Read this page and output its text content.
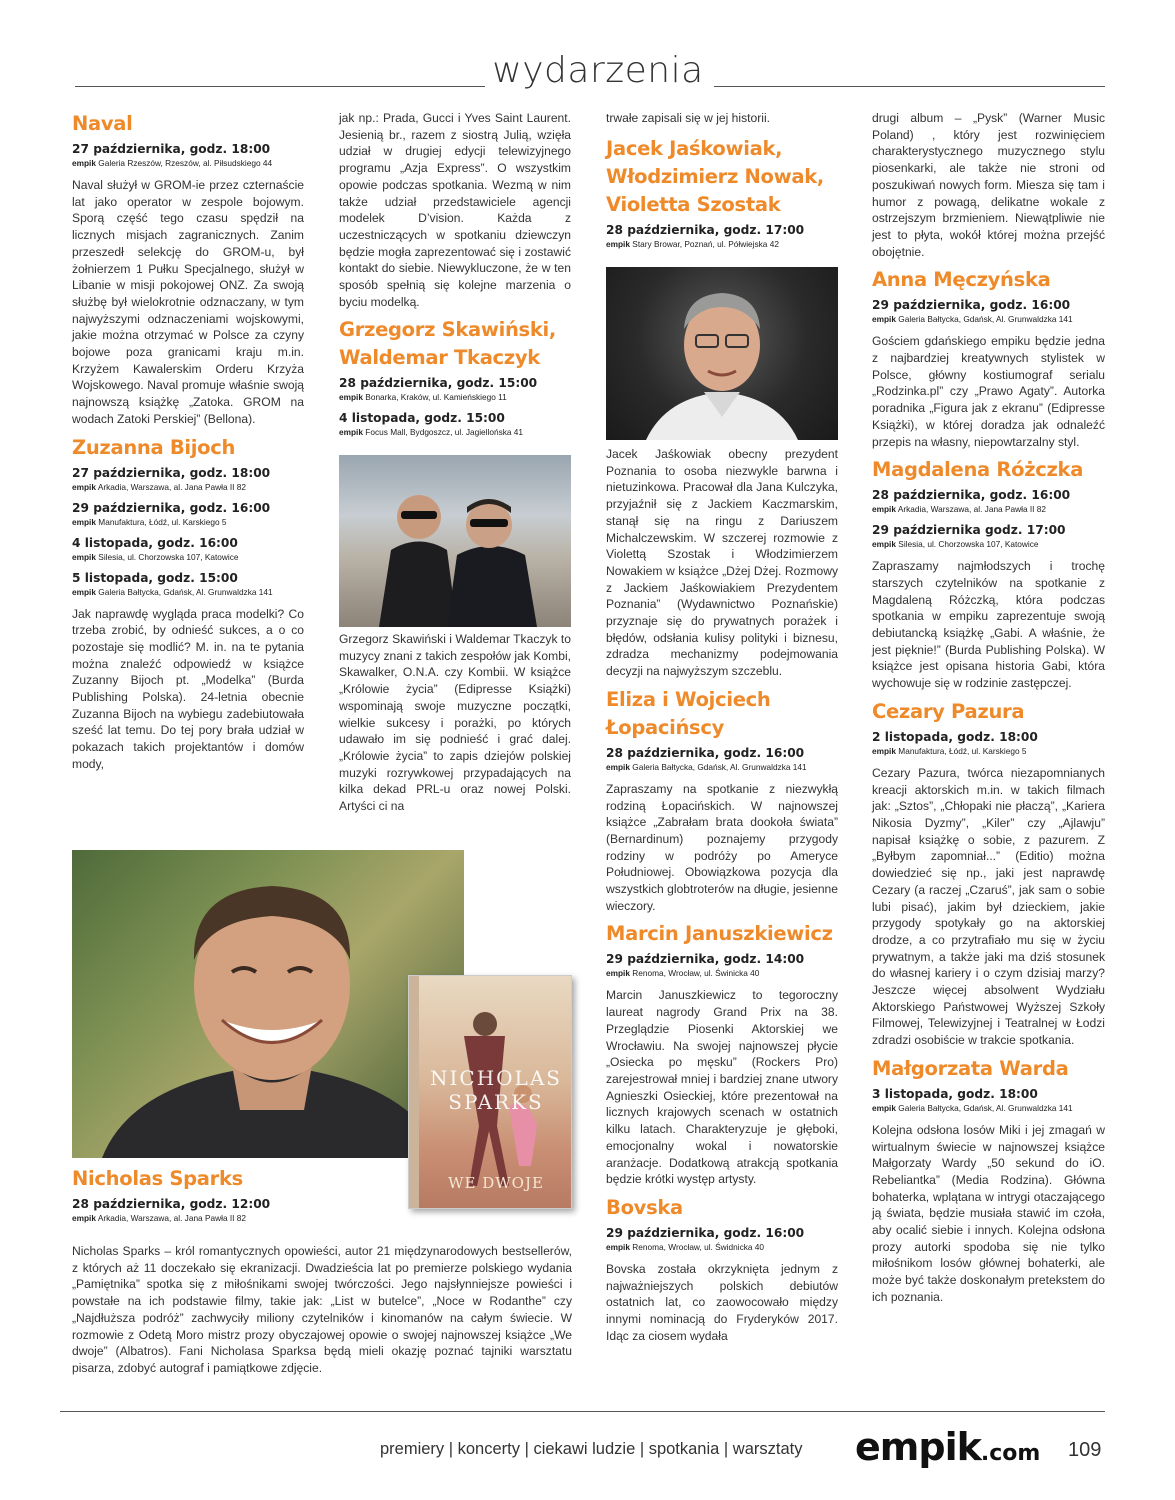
wydarzenia
Naval
27 października, godz. 18:00
empik Galeria Rzeszów, Rzeszów, al. Piłsudskiego 44

Naval służył w GROM-ie przez czternaście lat jako operator w zespole bojowym. Sporą część tego czasu spędził na licznych misjach zagranicznych. Zanim przeszedł selekcję do GROM-u, był żołnierzem 1 Pułku Specjalnego, służył w Libanie w misji pokojowej ONZ. Za swoją służbę był wielokrotnie odznaczany, w tym najwyższymi odznaczeniami wojskowymi, jakie można otrzymać w Polsce za czyny bojowe poza granicami kraju m.in. Krzyżem Kawalerskim Orderu Krzyża Wojskowego. Naval promuje właśnie swoją najnowszą książkę „Zatoka. GROM na wodach Zatoki Perskiej” (Bellona).

Zuzanna Bijoch
27 października, godz. 18:00
empik Arkadia, Warszawa, al. Jana Pawła II 82
29 października, godz. 16:00
empik Manufaktura, Łódź, ul. Karskiego 5
4 listopada, godz. 16:00
empik Silesia, ul. Chorzowska 107, Katowice
5 listopada, godz. 15:00
empik Galeria Bałtycka, Gdańsk, Al. Grunwaldzka 141

Jak naprawdę wygląda praca modelki? Co trzeba zrobić, by odnieść sukces, a o co pozostaje się modlić? M. in. na te pytania można znaleźć odpowiedź w książce Zuzanny Bijoch pt. „Modelka” (Burda Publishing Polska). 24-letnia obecnie Zuzanna Bijoch na wybiegu zadebiutowała sześć lat temu. Do tej pory brała udział w pokazach takich projektantów i domów mody,

jak np.: Prada, Gucci i Yves Saint Laurent. Jesienią br., razem z siostrą Julią, wzięła udział w drugiej edycji telewizyjnego programu „Azja Express”. O wszystkim opowie podczas spotkania. Wezmą w nim także udział przedstawiciele agencji modelek D’vision. Każda z uczestniczących w spotkaniu dziewczyn będzie mogła zaprezentować się i zostawić kontakt do siebie. Niewykluczone, że w ten sposób spełnią się kolejne marzenia o byciu modelką.

Grzegorz Skawiński, Waldemar Tkaczyk
28 października, godz. 15:00
empik Bonarka, Kraków, ul. Kamieńskiego 11
4 listopada, godz. 15:00
empik Focus Mall, Bydgoszcz, ul. Jagiellońska 41

Grzegorz Skawiński i Waldemar Tkaczyk to muzycy znani z takich zespołów jak Kombi, Skawalker, O.N.A. czy Kombii. W książce „Królowie życia” (Edipresse Książki) wspominają swoje muzyczne początki, wielkie sukcesy i porażki, po których udawało im się podnieść i grać dalej. „Królowie życia” to zapis dziejów polskiej muzyki rozrywkowej przypadających na kilka dekad PRL-u oraz nowej Polski. Artyści ci na

trwałe zapisali się w jej historii.

Jacek Jaśkowiak, Włodzimierz Nowak, Violetta Szostak
28 października, godz. 17:00
empik Stary Browar, Poznań, ul. Półwiejska 42

Jacek Jaśkowiak obecny prezydent Poznania to osoba niezwykle barwna i nietuzinkowa. Pracował dla Jana Kulczyka, przyjaźnił się z Jackiem Kaczmarskim, stanął się na ringu z Dariuszem Michalczewskim. W szczerej rozmowie z Violettą Szostak i Włodzimierzem Nowakiem w książce „Dżej Dżej. Rozmowy z Jackiem Jaśkowiakiem Prezydentem Poznania” (Wydawnictwo Poznańskie) przyznaje się do prywatnych porażek i błędów, odsłania kulisy polityki i biznesu, zdradza mechanizmy podejmowania decyzji na najwyższym szczeblu.

Eliza i Wojciech Łopacińscy
28 października, godz. 16:00
empik Galeria Bałtycka, Gdańsk, Al. Grunwaldzka 141

Zapraszamy na spotkanie z niezwykłą rodziną Łopacińskich. W najnowszej książce „Zabrałam brata dookoła świata” (Bernardinum) poznajemy przygody rodziny w podróży po Ameryce Południowej. Obowiązkowa pozycja dla wszystkich globtroterów na długie, jesienne wieczory.

Marcin Januszkiewicz
29 października, godz. 14:00
empik Renoma, Wrocław, ul. Świnicka 40

Marcin Januszkiewicz to tegoroczny laureat nagrody Grand Prix na 38. Przeglądzie Piosenki Aktorskiej we Wrocławiu. Na swojej najnowszej płycie „Osiecka po męsku” (Rockers Pro) zarejestrował mniej i bardziej znane utwory Agnieszki Osieckiej, które prezentował na licznych krajowych scenach w ostatnich kilku latach. Charakteryzuje je głęboki, emocjonalny wokal i nowatorskie aranżacje. Dodatkową atrakcją spotkania będzie krótki występ artysty.

Bovska
29 października, godz. 16:00
empik Renoma, Wrocław, ul. Świdnicka 40

Bovska została okrzyknięta jednym z najważniejszych polskich debiutów ostatnich lat, co zaowocowało między innymi nominacją do Fryderyków 2017. Idąc za ciosem wydała

drugi album – „Pysk” (Warner Music Poland) , który jest rozwinięciem charakterystycznego muzycznego stylu piosenkarki, ale także nie stroni od poszukiwań nowych form. Miesza się tam i humor z powagą, delikatne wokale z ostrzejszym brzmieniem. Niewątpliwie nie jest to płyta, wokół której można przejść obojętnie.

Anna Męczyńska
29 października, godz. 16:00
empik Galeria Bałtycka, Gdańsk, Al. Grunwaldzka 141

Gościem gdańskiego empiku będzie jedna z najbardziej kreatywnych stylistek w Polsce, główny kostiumograf serialu „Rodzinka.pl” czy „Prawo Agaty”. Autorka poradnika „Figura jak z ekranu” (Edipresse Książki), w której doradza jak odnaleźć przepis na własny, niepowtarzalny styl.

Magdalena Różczka
28 października, godz. 16:00
empik Arkadia, Warszawa, al. Jana Pawła II 82
29 października godz. 17:00
empik Silesia, ul. Chorzowska 107, Katowice

Zapraszamy najmłodszych i trochę starszych czytelników na spotkanie z Magdaleną Różczką, która podczas spotkania w empiku zaprezentuje swoją debiutancką książkę „Gabi. A właśnie, że jest pięknie!” (Burda Publishing Polska). W książce jest opisana historia Gabi, która wychowuje się w rodzinie zastępczej.

Cezary Pazura
2 listopada, godz. 18:00
empik Manufaktura, Łódź, ul. Karskiego 5

Cezary Pazura, twórca niezapomnianych kreacji aktorskich m.in. w takich filmach jak: „Sztos”, „Chłopaki nie płaczą”, „Kariera Nikosia Dyzmy”, „Kiler” czy „Ajlawju” napisał książkę o sobie, z pazurem. Z „Byłbym zapomniał...” (Editio) można dowiedzieć się np., jaki jest naprawdę Cezary (a raczej „Czaruś”, jak sam o sobie lubi pisać), jakim był dzieckiem, jakie przygody spotykały go na aktorskiej drodze, a co przytrafiało mu się w życiu prywatnym, a także jaki ma dziś stosunek do własnej kariery i o czym dzisiaj marzy? Jeszcze więcej absolwent Wydziału Aktorskiego Państwowej Wyższej Szkoły Filmowej, Telewizyjnej i Teatralnej w Łodzi zdradzi osobiście w trakcie spotkania.

Małgorzata Warda
3 listopada, godz. 18:00
empik Galeria Bałtycka, Gdańsk, Al. Grunwaldzka 141

Kolejna odsłona losów Miki i jej zmagań w wirtualnym świecie w najnowszej książce Małgorzaty Wardy „50 sekund do iO. Rebeliantka” (Media Rodzina). Główna bohaterka, wplątana w intrygi otaczającego ją świata, będzie musiała stawić im czoła, aby ocalić siebie i innych. Kolejna odsłona prozy autorki spodoba się nie tylko miłośnikom losów głównej bohaterki, ale może być także doskonałym pretekstem do ich poznania.

NICHOLAS SPARKS
WE DWOJE
Nicholas Sparks
28 października, godz. 12:00
empik Arkadia, Warszawa, al. Jana Pawła II 82

Nicholas Sparks – król romantycznych opowieści, autor 21 międzynarodowych bestsellerów, z których aż 11 doczekało się ekranizacji. Dwadzieścia lat po premierze polskiego wydania „Pamiętnika” spotka się z miłośnikami swojej twórczości. Jego najsłynniejsze powieści i powstałe na ich podstawie filmy, takie jak: „List w butelce”, „Noce w Rodanthe” czy „Najdłuższa podróż” zachwyciły miliony czytelników i kinomanów na całym świecie. W rozmowie z Odetą Moro mistrz prozy obyczajowej opowie o swojej najnowszej książce „We dwoje” (Albatros). Fani Nicholasa Sparksa będą mieli okazję poznać tajniki warsztatu pisarza, zdobyć autograf i pamiątkowe zdjęcie.

premiery | koncerty | ciekawi ludzie | spotkania | warsztaty empik.com 109
